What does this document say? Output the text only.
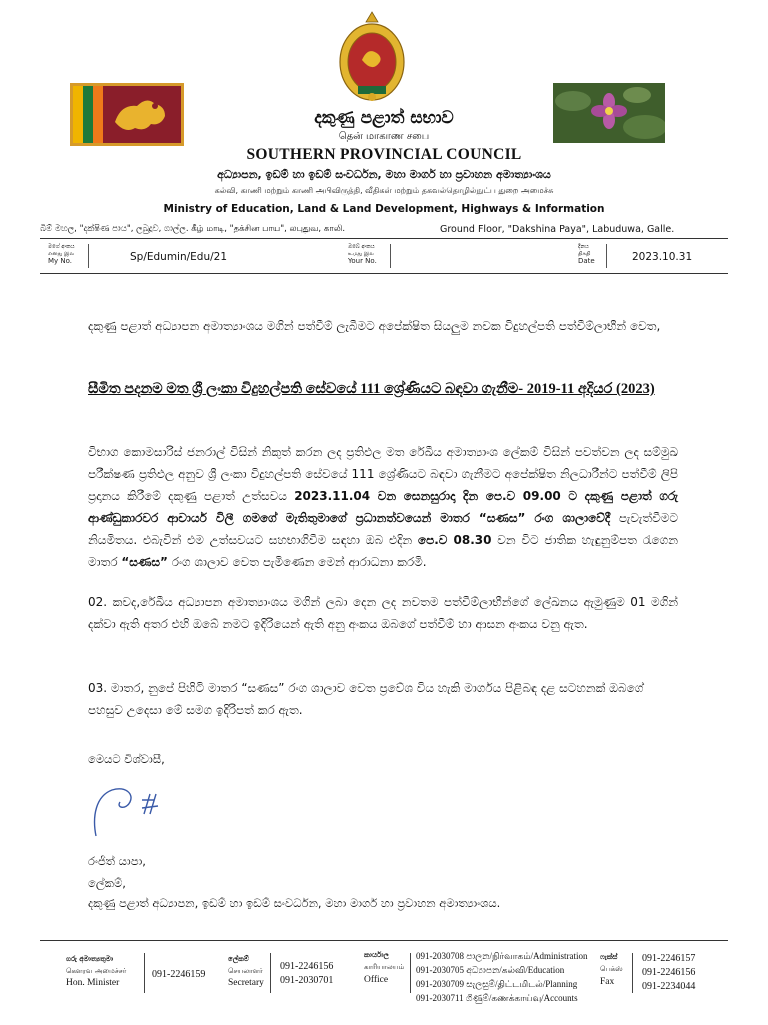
දකුණු පළාත් සභාව
தென் மாகாண சபை
SOUTHERN PROVINCIAL COUNCIL
අධ්‍යාපන, ඉඩම් හා ඉඩම් සංවර්ධන, මහා මාර්ග හා ප්‍රවාහන අමාත්‍යාංශය
கல்வி, காணி மற்றும் காணி அபிவிருத்தி, வீதிகள் மற்றும் தகவல்தொழில்நுட்ப துறை அமைச்சு
Ministry of Education, Land & Land Development, Highways & Information
බිම් මහල, "දක්ෂිණ පාය", ලබුදූව, ගාල්ල. கீழ் மாடி, "தக்சின பாய", லபுதுவ, காலி.	Ground Floor, "Dakshina Paya", Labuduwa, Galle.
මගේ අංකය
எனது இல
My No.	Sp/Edumin/Edu/21
ඔබේ අංකය
உமது இல
Your No.
දිනය
திகதி
Date	2023.10.31
දකුණු පළාත් අධ්‍යාපන අමාත්‍යාංශය මගින් පත්වීම් ලැබීමට අපේක්ෂිත සියලුම නවක විදුහල්පති පත්වීම්ලාභීන් වෙත,
සීමිත පදනම මත ශ්‍රී ලංකා විදුහල්පති සේවයේ 111 ශ්‍රේණියට බඳවා ගැනීම- 2019-11 අදියර (2023)
විභාග කොමසාරිස් ජනරාල් විසින් නිකුත් කරන ලද ප්‍රතිඵල මත රේඛීය අමාත්‍යාංශ ලේකම් විසින් පවත්වන ලද සම්මුඛ පරීක්ෂණ ප්‍රතිඵල අනුව ශ්‍රී ලංකා විදුහල්පති සේවයේ 111 ශ්‍රේණියට බඳවා ගැනීමට අපේක්ෂිත නිලධාරීන්ට පත්වීම් ලිපි ප්‍රදානය කිරීමේ දකුණු පළාත් උත්සවය 2023.11.04 වන සෙනසුරාදා දින පෙ.ව 09.00 ට දකුණු පළාත් ගරු ආණ්ඩුකාරවර ආචාර්ය විලී ගමගේ මැතිතුමාගේ ප්‍රධානත්වයෙන් මාතර “සණස” රංග ශාලාවේදී පැවැත්වීමට නියමිතය. එබැවින් එම උත්සවයට සහභාගිවීම සඳහා ඔබ එදින පෙ.ව 08.30 වන විට ජාතික හැඳුනුම්පත රැගෙන මාතර “සණස” රංග ශාලාව වෙත පැමිණෙන මෙන් ආරාධනා කරමි.
02. කවද,රේඛීය අධ්‍යාපන අමාත්‍යාංශය මගින් ලබා දෙන ලද නවතම පත්වීම්ලාභීන්ගේ ලේඛනය ඇමුණුම 01 මගින් දක්වා ඇති අතර එහි ඔබේ නමට ඉදිරියෙන් ඇති අනු අංකය ඔබගේ පත්වීම් හා ආසන අංකය වනු ඇත.
03. මාතර, නුපේ පිහිටි මාතර “සණස” රංග ශාලාව වෙත ප්‍රවේශ විය හැකි මාර්ගය පිළිබඳ දළ සටහනක් ඔබගේ පහසුව උදෙසා මේ සමග ඉදිරිපත් කර ඇත.
මෙයට විශ්වාසී,
රංජිත් යාපා,
ලේකම්,
දකුණු පළාත් අධ්‍යාපන, ඉඩම් හා ඉඩම් සංවර්ධන, මහා මාර්ග හා ප්‍රවාහන අමාත්‍යාංශය.
ගරු අමාත්‍යතුමා
கௌரவ அமைச்சர்
Hon. Minister
091-2246159
ලේකම්
செயலாளர்
Secretary
091-2246156
091-2030701
කාර්යාල
காரியாலயம்
Office
091-2030708 පාලන/நிர்வாகம்/Administration
091-2030705 අධ්‍යාපන/கல்வி/Education
091-2030709 සැලසුම්/திட்டமிடல்/Planning
091-2030711 ගිණුම්/கணக்காய்வு/Accounts
ෆැක්ස්
பெக்ஸ்
Fax
091-2246157
091-2246156
091-2234044
